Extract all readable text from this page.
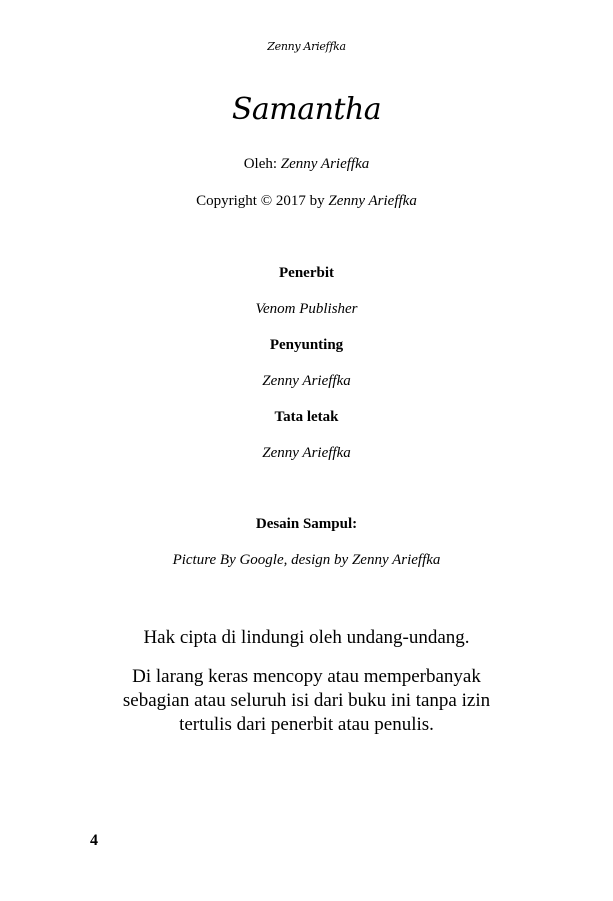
Zenny Arieffka
Samantha
Oleh: Zenny Arieffka
Copyright © 2017 by Zenny Arieffka
Penerbit
Venom Publisher
Penyunting
Zenny Arieffka
Tata letak
Zenny Arieffka
Desain Sampul:
Picture By Google, design by Zenny Arieffka
Hak cipta di lindungi oleh undang-undang.
Di larang keras mencopy atau memperbanyak sebagian atau seluruh isi dari buku ini tanpa izin tertulis dari penerbit atau penulis.
4
